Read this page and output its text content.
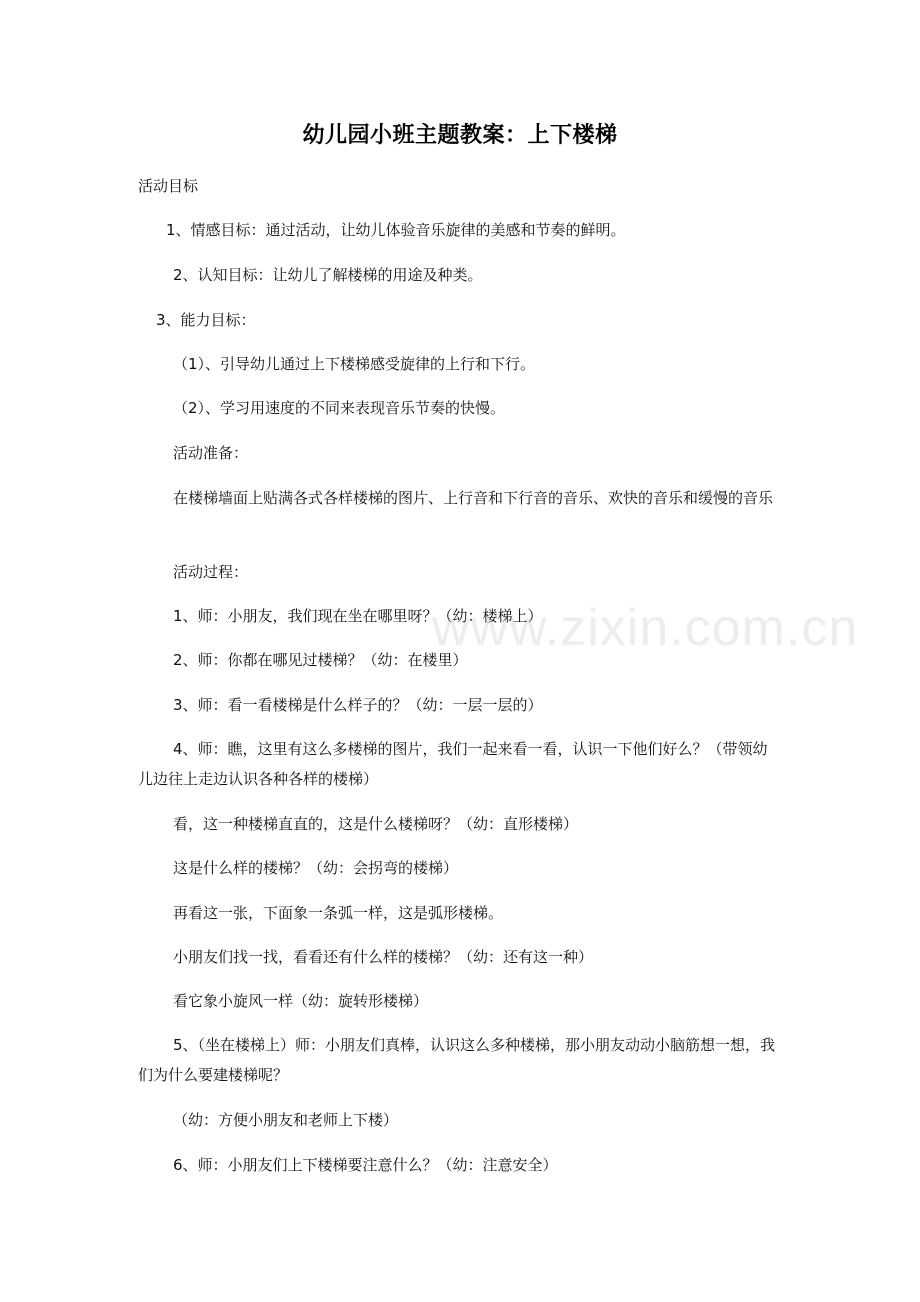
幼儿园小班主题教案：上下楼梯
活动目标
1、情感目标：通过活动，让幼儿体验音乐旋律的美感和节奏的鲜明。
2、认知目标：让幼儿了解楼梯的用途及种类。
3、能力目标：
（1）、引导幼儿通过上下楼梯感受旋律的上行和下行。
（2）、学习用速度的不同来表现音乐节奏的快慢。
活动准备：
在楼梯墙面上贴满各式各样楼梯的图片、上行音和下行音的音乐、欢快的音乐和缓慢的音乐
活动过程：
1、师：小朋友，我们现在坐在哪里呀？（幼：楼梯上）
2、师：你都在哪见过楼梯？（幼：在楼里）
3、师：看一看楼梯是什么样子的？（幼：一层一层的）
4、师：瞧，这里有这么多楼梯的图片，我们一起来看一看，认识一下他们好么？（带领幼儿边往上走边认识各种各样的楼梯）
看，这一种楼梯直直的，这是什么楼梯呀？（幼：直形楼梯）
这是什么样的楼梯？（幼：会拐弯的楼梯）
再看这一张，下面象一条弧一样，这是弧形楼梯。
小朋友们找一找，看看还有什么样的楼梯？（幼：还有这一种）
看它象小旋风一样（幼：旋转形楼梯）
5、（坐在楼梯上）师：小朋友们真棒，认识这么多种楼梯，那小朋友动动小脑筋想一想，我们为什么要建楼梯呢？
（幼：方便小朋友和老师上下楼）
6、师：小朋友们上下楼梯要注意什么？（幼：注意安全）
www.zixin.com.cn
